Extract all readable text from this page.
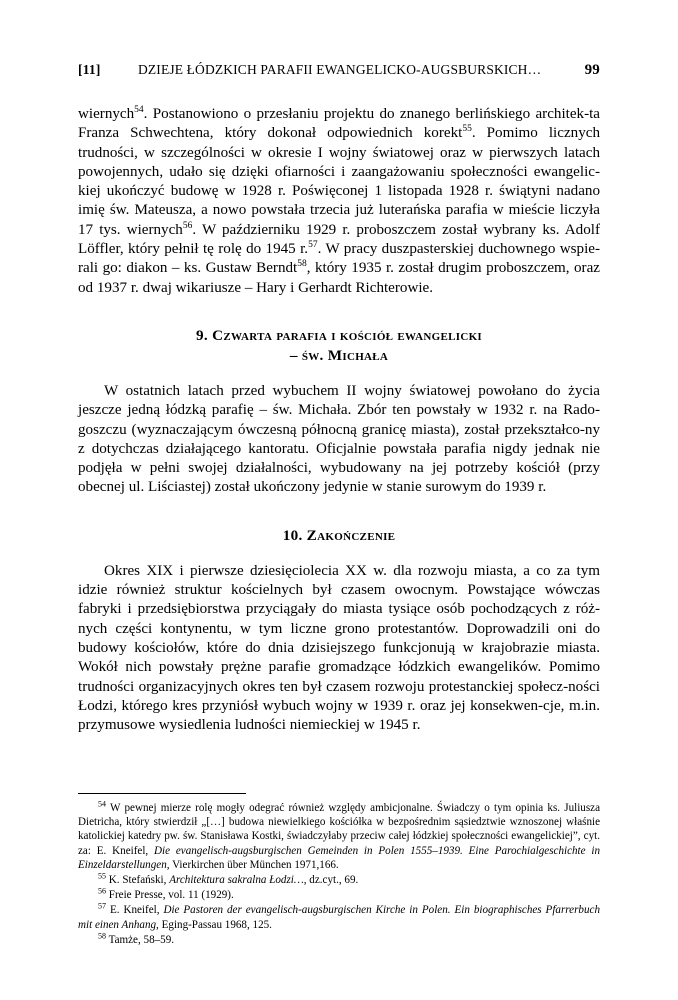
[11]	DZIEJE ŁÓDZKICH PARAFII EWANGELICKO-AUGSBURSKICH…	99

wiernych$^{54}$. Postanowiono o przesłaniu projektu do znanego berlińskiego architek-ta Franza Schwechtena, który dokonał odpowiednich korekt$^{55}$. Pomimo licznych trudności, w szczególności w okresie I wojny światowej oraz w pierwszych latach powojennych, udało się dzięki ofiarności i zaangażowaniu społeczności ewangelic-kiej ukończyć budowę w 1928 r. Poświęconej 1 listopada 1928 r. świątyni nadano imię św. Mateusza, a nowo powstała trzecia już luterańska parafia w mieście liczyła 17 tys. wiernych$^{56}$. W październiku 1929 r. proboszczem został wybrany ks. Adolf Löffler, który pełnił tę rolę do 1945 r.$^{57}$. W pracy duszpasterskiej duchownego wspie-rali go: diakon – ks. Gustaw Berndt$^{58}$, który 1935 r. został drugim proboszczem, oraz od 1937 r. dwaj wikariusze – Hary i Gerhardt Richterowie.

9. Czwarta parafia i kościół ewangelicki
– św. Michała

W ostatnich latach przed wybuchem II wojny światowej powołano do życia jeszcze jedną łódzką parafię – św. Michała. Zbór ten powstały w 1932 r. na Rado-goszczu (wyznaczającym ówczesną północną granicę miasta), został przekształco-ny z dotychczas działającego kantoratu. Oficjalnie powstała parafia nigdy jednak nie podjęła w pełni swojej działalności, wybudowany na jej potrzeby kościół (przy obecnej ul. Liściastej) został ukończony jedynie w stanie surowym do 1939 r.

10. Zakończenie

Okres XIX i pierwsze dziesięciolecia XX w. dla rozwoju miasta, a co za tym idzie również struktur kościelnych był czasem owocnym. Powstające wówczas fabryki i przedsiębiorstwa przyciągały do miasta tysiące osób pochodzących z róż-nych części kontynentu, w tym liczne grono protestantów. Doprowadzili oni do budowy kościołów, które do dnia dzisiejszego funkcjonują w krajobrazie miasta. Wokół nich powstały prężne parafie gromadzące łódzkich ewangelików. Pomimo trudności organizacyjnych okres ten był czasem rozwoju protestanckiej społecz-ności Łodzi, którego kres przyniósł wybuch wojny w 1939 r. oraz jej konsekwen-cje, m.in. przymusowe wysiedlenia ludności niemieckiej w 1945 r.

$^{54}$ W pewnej mierze rolę mogły odegrać również względy ambicjonalne. Świadczy o tym opinia ks. Juliusza Dietricha, który stwierdził „[…] budowa niewielkiego kościółka w bezpośrednim sąsiedztwie wznoszonej właśnie katolickiej katedry pw. św. Stanisława Kostki, świadczyłaby przeciw całej łódzkiej społeczności ewangelickiej”, cyt. za: E. Kneifel, Die evangelisch-augsburgischen Gemeinden in Polen 1555–1939. Eine Parochialgeschichte in Einzeldarstellungen, Vierkirchen über München 1971,166.

$^{55}$ K. Stefański, Architektura sakralna Łodzi…, dz.cyt., 69.

$^{56}$ Freie Presse, vol. 11 (1929).

$^{57}$ E. Kneifel, Die Pastoren der evangelisch-augsburgischen Kirche in Polen. Ein biographisches Pfarrerbuch mit einen Anhang, Eging-Passau 1968, 125.

$^{58}$ Tamże, 58–59.
